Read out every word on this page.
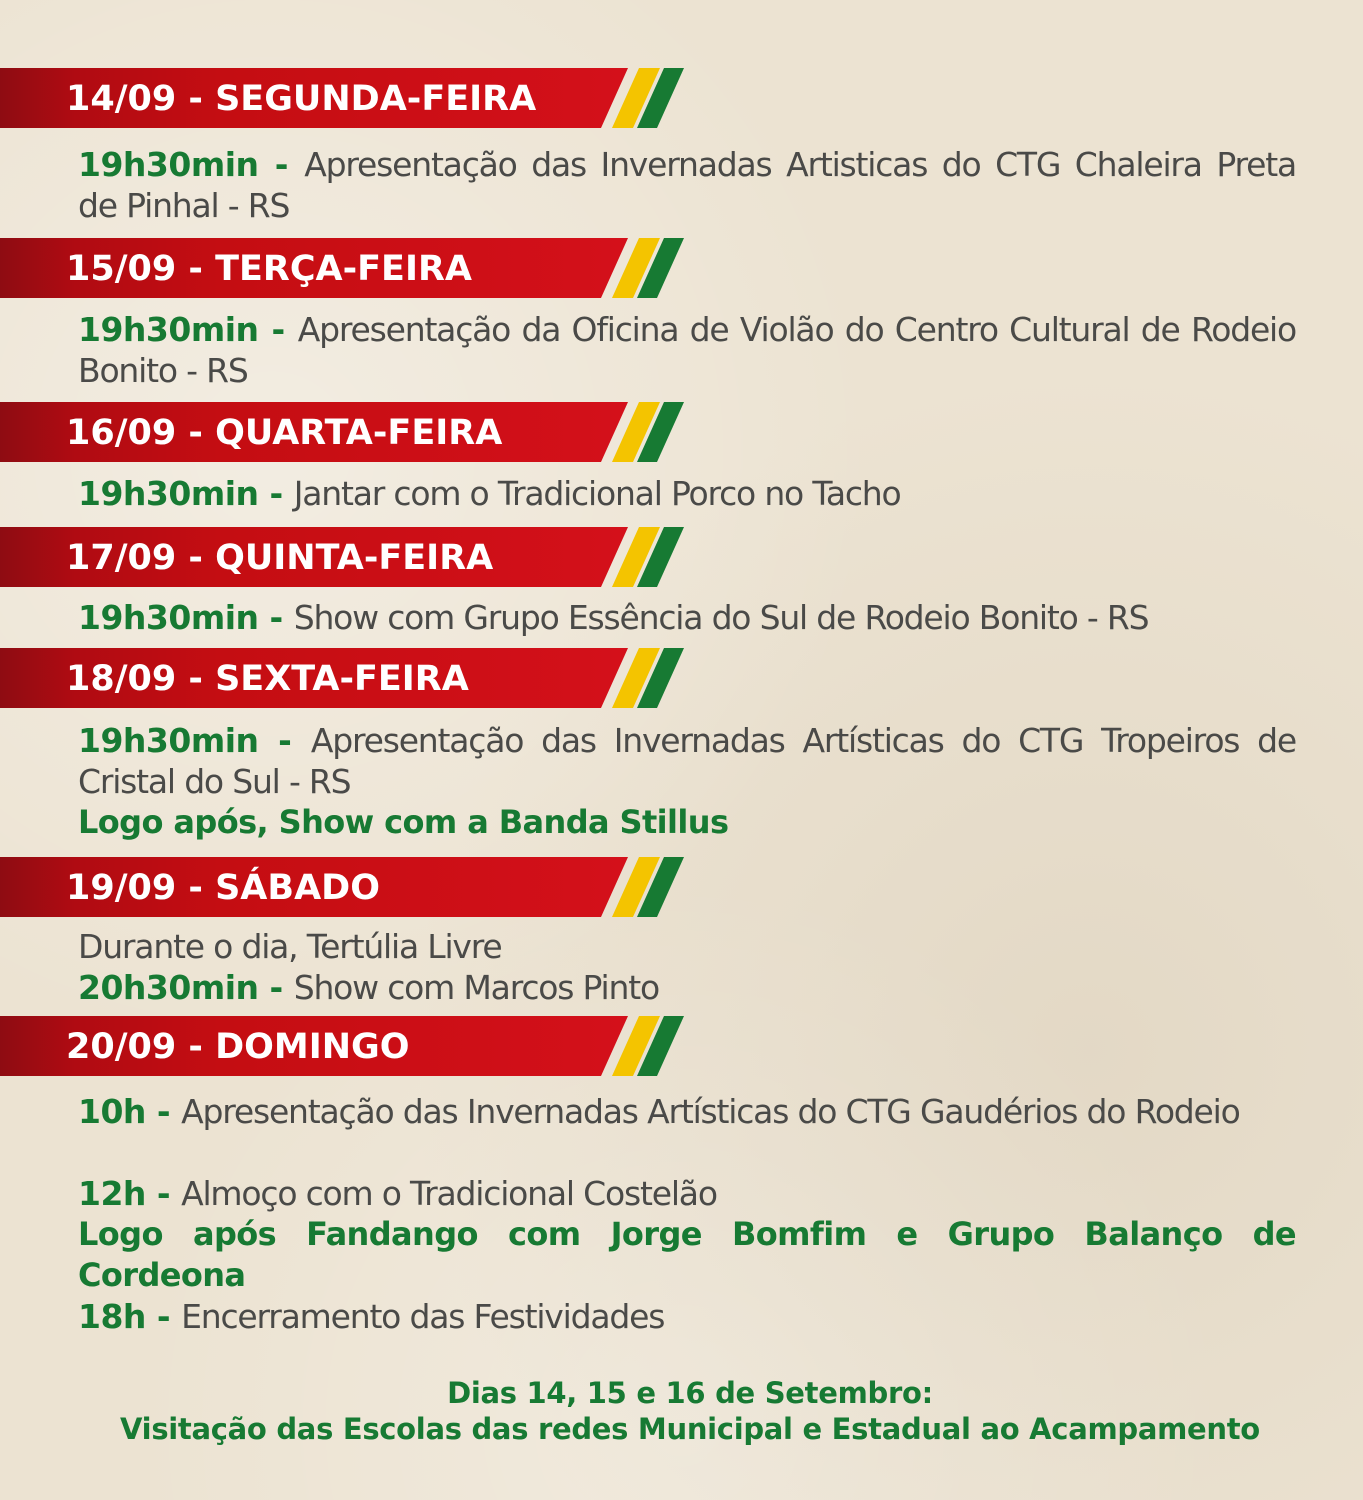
14/09 - SEGUNDA-FEIRA
19h30min - Apresentação das Invernadas Artisticas do CTG Chaleira Preta de Pinhal - RS
15/09 - TERÇA-FEIRA
19h30min - Apresentação da Oficina de Violão do Centro Cultural de Rodeio Bonito - RS
16/09 - QUARTA-FEIRA
19h30min - Jantar com o Tradicional Porco no Tacho
17/09 - QUINTA-FEIRA
19h30min - Show com Grupo Essência do Sul de Rodeio Bonito - RS
18/09 - SEXTA-FEIRA
19h30min - Apresentação das Invernadas Artísticas do CTG Tropeiros de Cristal do Sul - RS
Logo após, Show com a Banda Stillus
19/09 - SÁBADO
Durante o dia, Tertúlia Livre
20h30min - Show com Marcos Pinto
20/09 - DOMINGO
10h - Apresentação das Invernadas Artísticas do CTG Gaudérios do Rodeio
12h - Almoço com o Tradicional Costelão
Logo após Fandango com Jorge Bomfim e Grupo Balanço de Cordeona
18h - Encerramento das Festividades
Dias 14, 15 e 16 de Setembro:
Visitação das Escolas das redes Municipal e Estadual ao Acampamento
